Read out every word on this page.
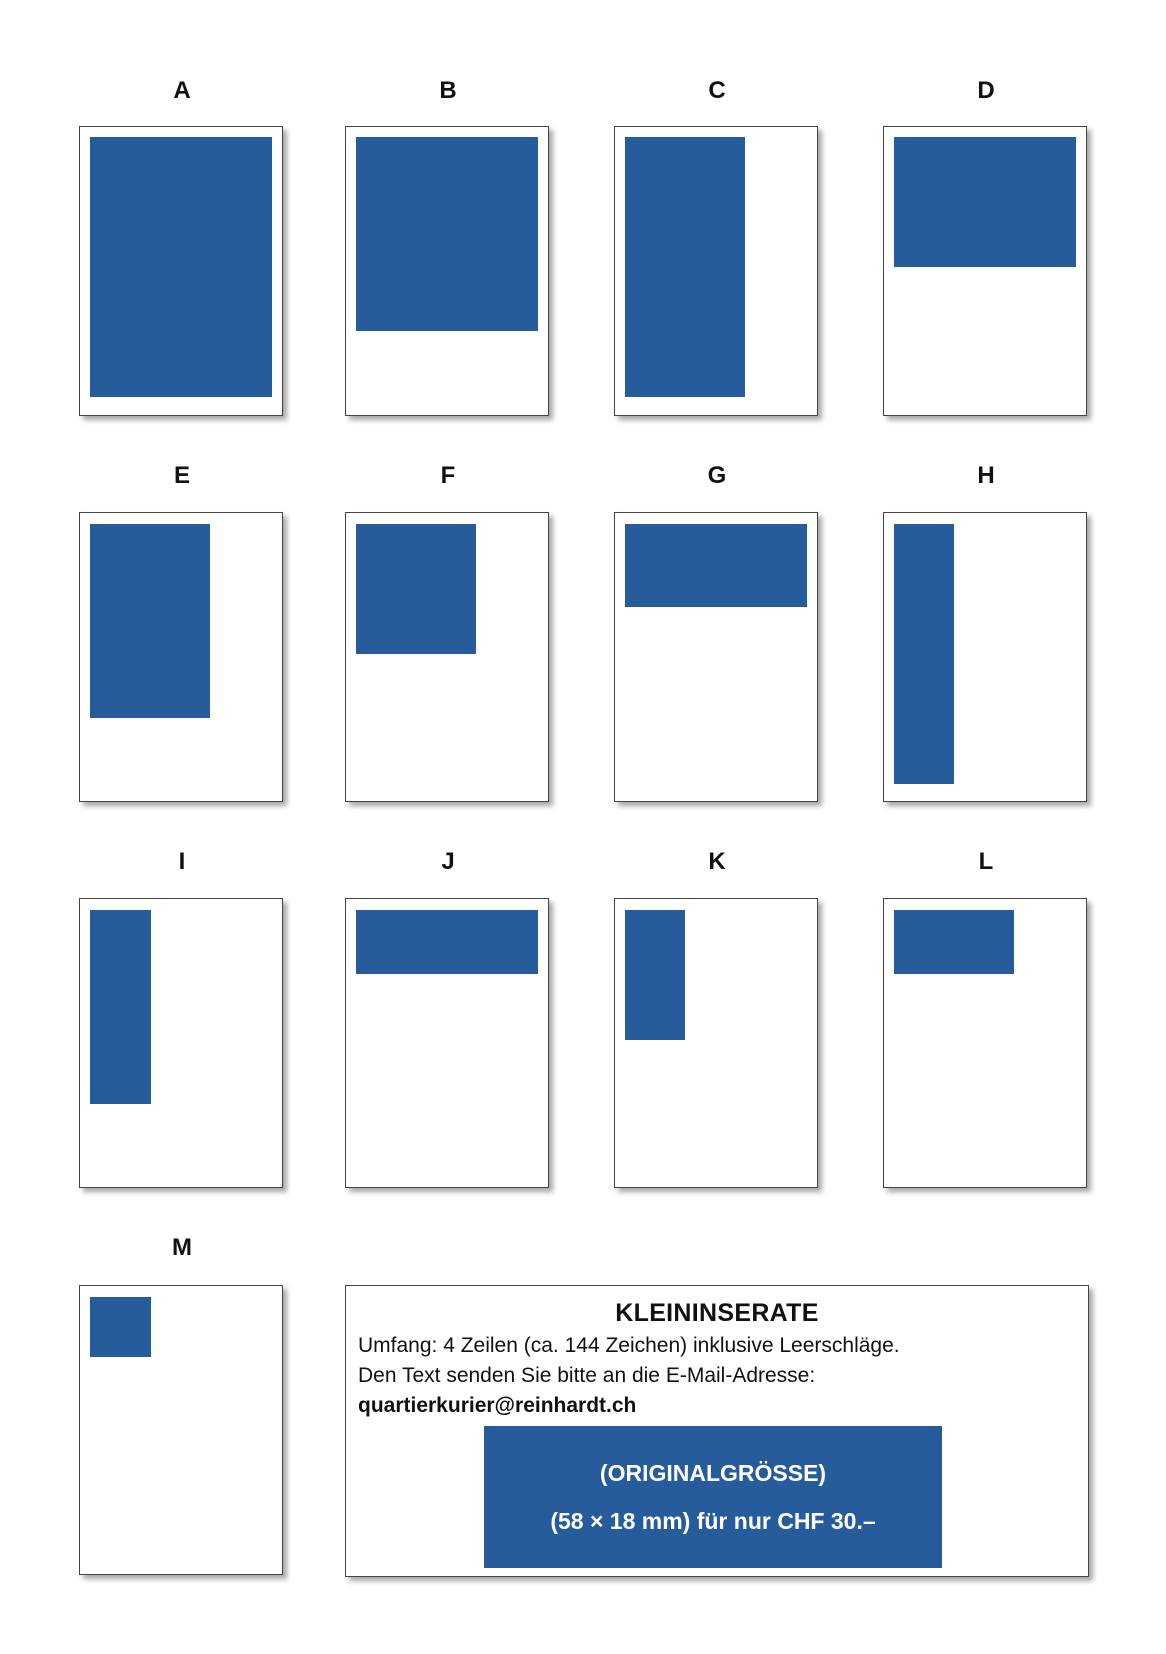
A	B	C	D
E	F	G	H
I	J	K	L
M
KLEININSERATE
Umfang: 4 Zeilen (ca. 144 Zeichen) inklusive Leerschläge.
Den Text senden Sie bitte an die E-Mail-Adresse:
quartierkurier@reinhardt.ch
(ORIGINALGRÖSSE)
(58 × 18 mm) für nur CHF 30.–
